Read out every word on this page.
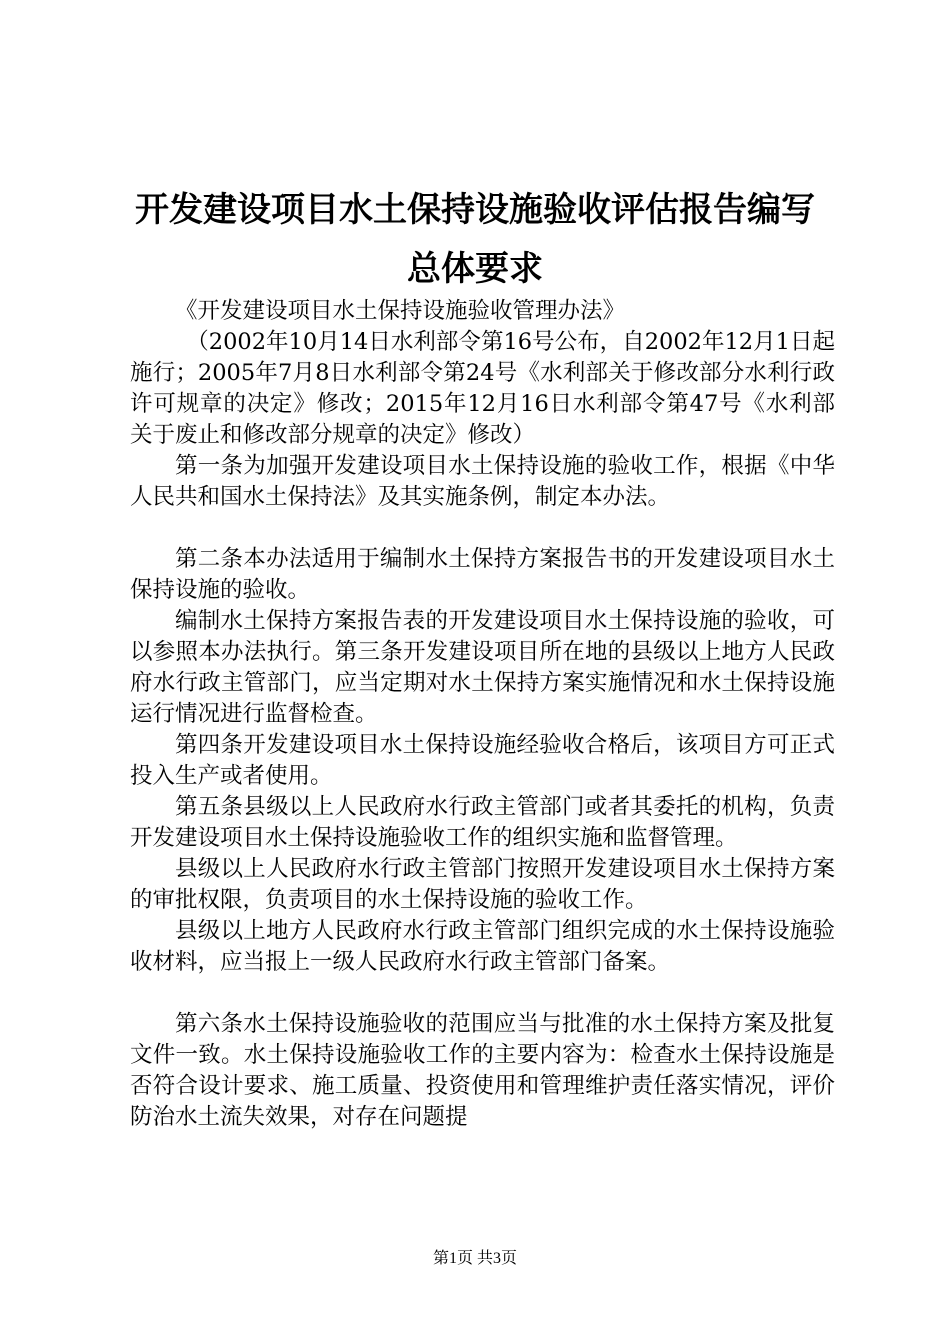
开发建设项目水土保持设施验收评估报告编写
总体要求

《开发建设项目水土保持设施验收管理办法》

（2002年10月14日水利部令第16号公布，自2002年12月1日起施行；2005年7月8日水利部令第24号《水利部关于修改部分水利行政许可规章的决定》修改；2015年12月16日水利部令第47号《水利部关于废止和修改部分规章的决定》修改）

第一条为加强开发建设项目水土保持设施的验收工作，根据《中华人民共和国水土保持法》及其实施条例，制定本办法。

第二条本办法适用于编制水土保持方案报告书的开发建设项目水土保持设施的验收。

编制水土保持方案报告表的开发建设项目水土保持设施的验收，可以参照本办法执行。第三条开发建设项目所在地的县级以上地方人民政府水行政主管部门，应当定期对水土保持方案实施情况和水土保持设施运行情况进行监督检查。

第四条开发建设项目水土保持设施经验收合格后，该项目方可正式投入生产或者使用。

第五条县级以上人民政府水行政主管部门或者其委托的机构，负责开发建设项目水土保持设施验收工作的组织实施和监督管理。

县级以上人民政府水行政主管部门按照开发建设项目水土保持方案的审批权限，负责项目的水土保持设施的验收工作。

县级以上地方人民政府水行政主管部门组织完成的水土保持设施验收材料，应当报上一级人民政府水行政主管部门备案。

第六条水土保持设施验收的范围应当与批准的水土保持方案及批复文件一致。水土保持设施验收工作的主要内容为：检查水土保持设施是否符合设计要求、施工质量、投资使用和管理维护责任落实情况，评价防治水土流失效果，对存在问题提

第1页 共3页
